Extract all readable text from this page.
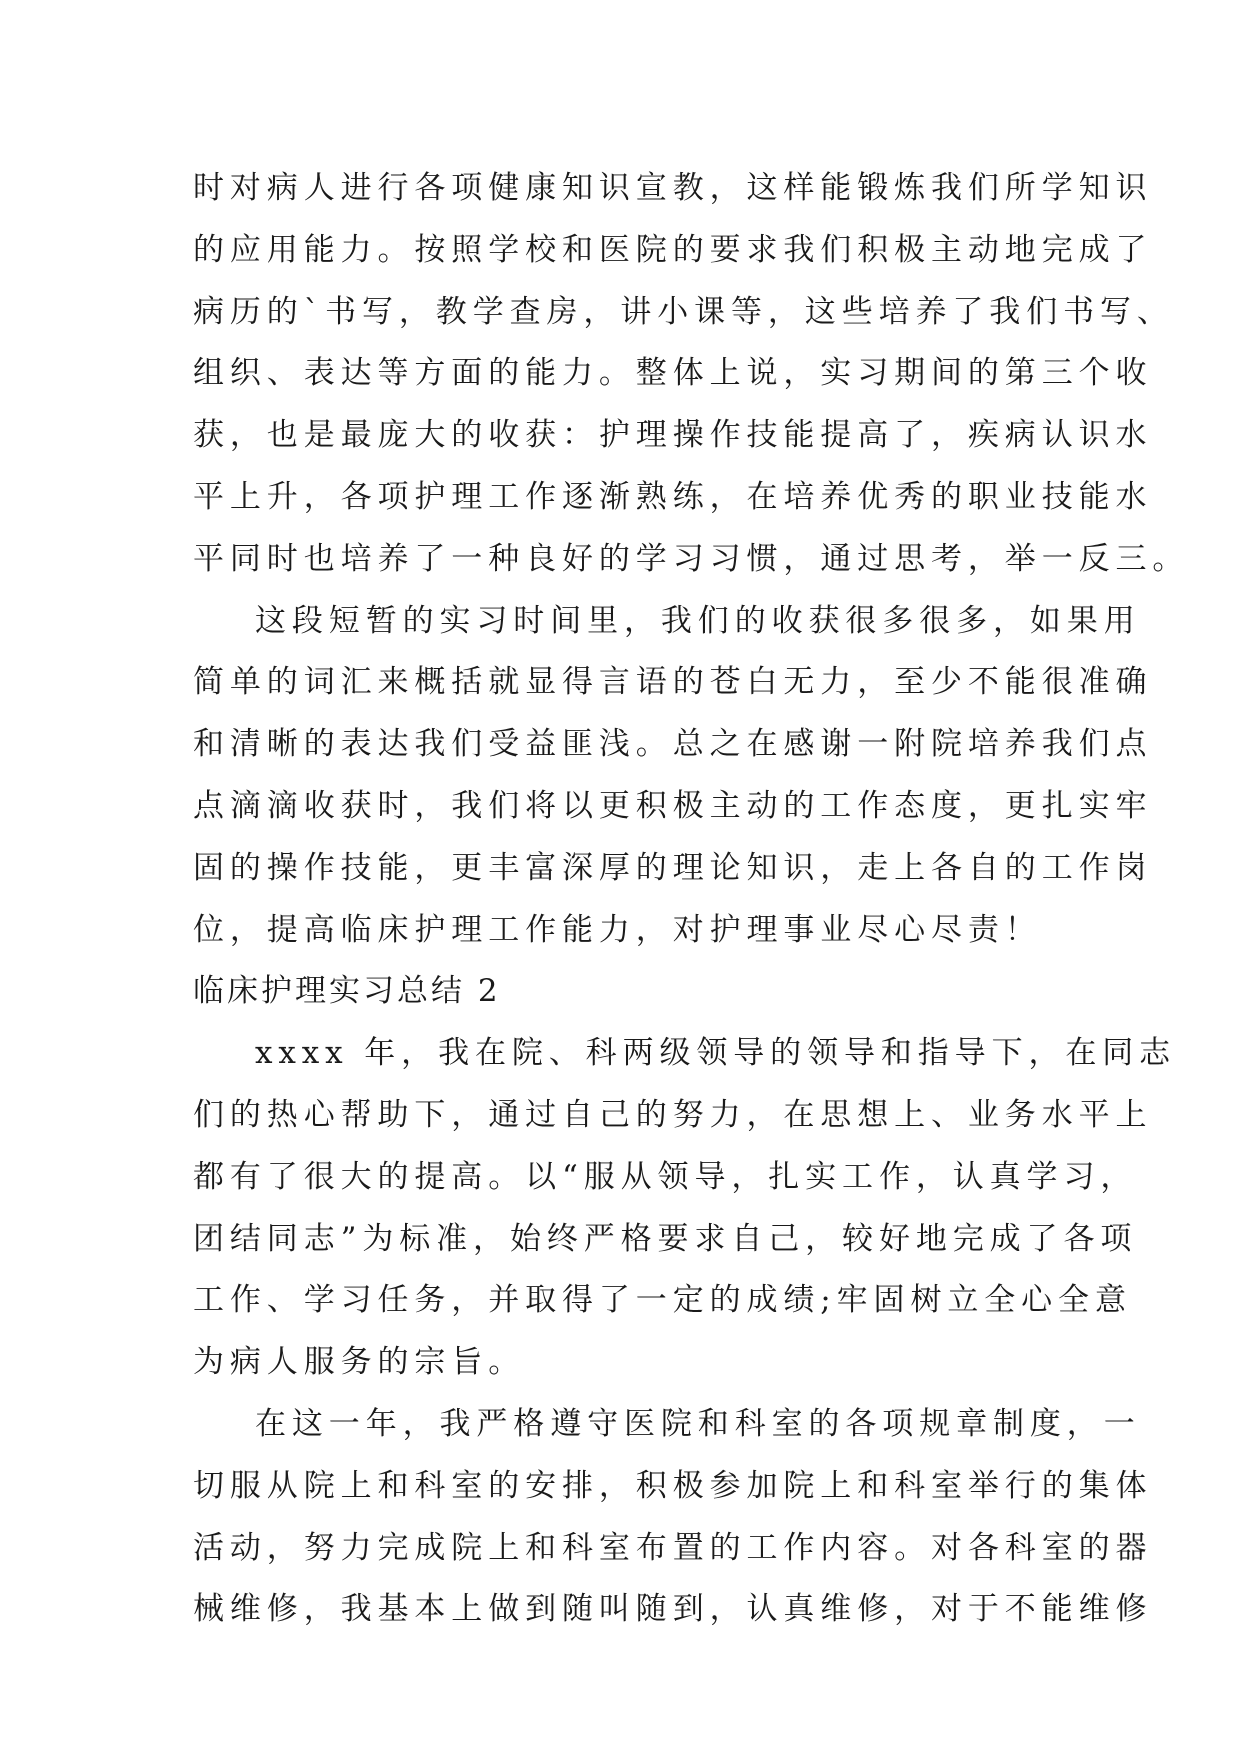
时对病人进行各项健康知识宣教，这样能锻炼我们所学知识
的应用能力。按照学校和医院的要求我们积极主动地完成了
病历的`书写，教学查房，讲小课等，这些培养了我们书写、
组织、表达等方面的能力。整体上说，实习期间的第三个收
获，也是最庞大的收获：护理操作技能提高了，疾病认识水
平上升，各项护理工作逐渐熟练，在培养优秀的职业技能水
平同时也培养了一种良好的学习习惯，通过思考，举一反三。
这段短暂的实习时间里，我们的收获很多很多，如果用
简单的词汇来概括就显得言语的苍白无力，至少不能很准确
和清晰的表达我们受益匪浅。总之在感谢一附院培养我们点
点滴滴收获时，我们将以更积极主动的工作态度，更扎实牢
固的操作技能，更丰富深厚的理论知识，走上各自的工作岗
位，提高临床护理工作能力，对护理事业尽心尽责！
临床护理实习总结 2
xxxx 年，我在院、科两级领导的领导和指导下，在同志
们的热心帮助下，通过自己的努力，在思想上、业务水平上
都有了很大的提高。以“服从领导，扎实工作，认真学习，
团结同志”为标准，始终严格要求自己，较好地完成了各项
工作、学习任务，并取得了一定的成绩;牢固树立全心全意
为病人服务的宗旨。
在这一年，我严格遵守医院和科室的各项规章制度，一
切服从院上和科室的安排，积极参加院上和科室举行的集体
活动，努力完成院上和科室布置的工作内容。对各科室的器
械维修，我基本上做到随叫随到，认真维修，对于不能维修
